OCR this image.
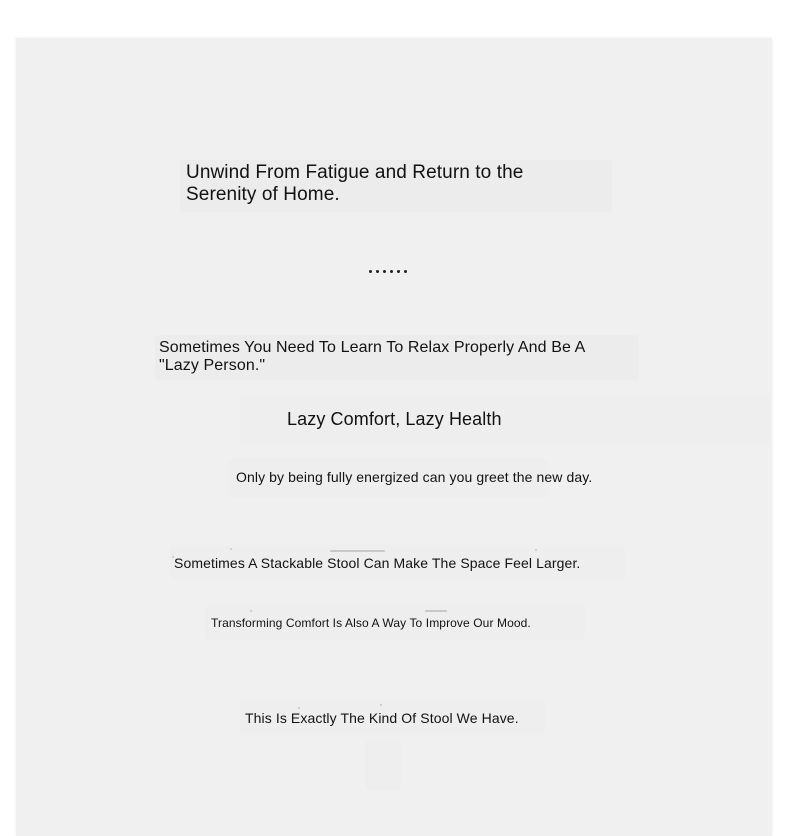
Unwind From Fatigue and Return to the Serenity of Home.

Sometimes You Need To Learn To Relax Properly And Be A "Lazy Person."

Lazy Comfort, Lazy Health

Only by being fully energized can you greet the new day.

Sometimes A Stackable Stool Can Make The Space Feel Larger.

Transforming Comfort Is Also A Way To Improve Our Mood.

This Is Exactly The Kind Of Stool We Have.
